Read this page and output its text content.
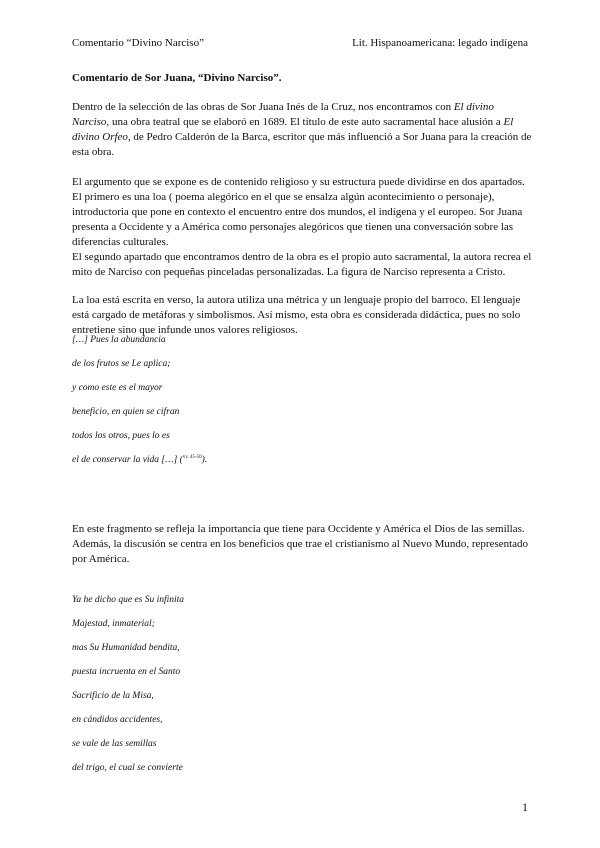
Comentario “Divino Narciso”	Lit. Hispanoamericana: legado indígena
Comentario de Sor Juana, “Divino Narciso”.

Dentro de la selección de las obras de Sor Juana Inés de la Cruz, nos encontramos con El divino Narciso, una obra teatral que se elaboró en 1689. El título de este auto sacramental hace alusión a El divino Orfeo, de Pedro Calderón de la Barca, escritor que más influenció a Sor Juana para la creación de esta obra.

El argumento que se expone es de contenido religioso y su estructura puede dividirse en dos apartados. El primero es una loa ( poema alegórico en el que se ensalza algún acontecimiento o personaje), introductoria que pone en contexto el encuentro entre dos mundos, el indígena y el europeo. Sor Juana presenta a Occidente y a América como personajes alegóricos que tienen una conversación sobre las diferencias culturales.

El segundo apartado que encontramos dentro de la obra es el propio auto sacramental, la autora recrea el mito de Narciso con pequeñas pinceladas personalizadas. La figura de Narciso representa a Cristo.

La loa está escrita en verso, la autora utiliza una métrica y un lenguaje propio del barroco. El lenguaje está cargado de metáforas y simbolismos. Así mismo, esta obra es considerada didáctica, pues no solo entretiene sino que infunde unos valores religiosos.

[…] Pues la abundancia
de los frutos se Le aplica;
y como este es el mayor
beneficio, en quien se cifran
todos los otros, pues lo es
el de conservar la vida […] ($^{vv. 45-50}$).

En este fragmento se refleja la importancia que tiene para Occidente y América el Dios de las semillas. Además, la discusión se centra en los beneficios que trae el cristianismo al Nuevo Mundo, representado por América.

Ya he dicho que es Su infinita
Majestad, inmaterial;
mas Su Humanidad bendita,
puesta incruenta en el Santo
Sacrificio de la Misa,
en cándidos accidentes,
se vale de las semillas
del trigo, el cual se convierte
1
